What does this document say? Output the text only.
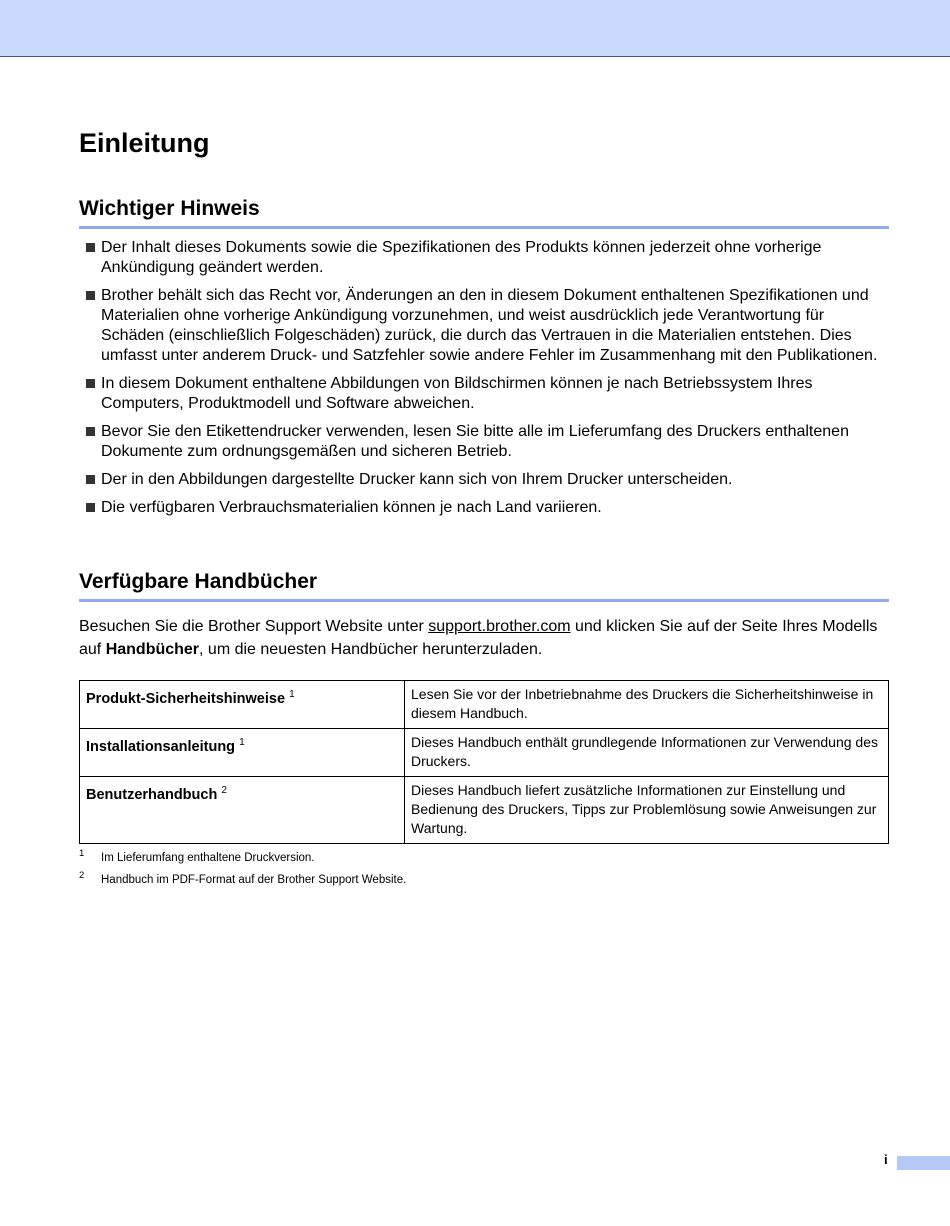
Einleitung
Wichtiger Hinweis
Der Inhalt dieses Dokuments sowie die Spezifikationen des Produkts können jederzeit ohne vorherige Ankündigung geändert werden.
Brother behält sich das Recht vor, Änderungen an den in diesem Dokument enthaltenen Spezifikationen und Materialien ohne vorherige Ankündigung vorzunehmen, und weist ausdrücklich jede Verantwortung für Schäden (einschließlich Folgeschäden) zurück, die durch das Vertrauen in die Materialien entstehen. Dies umfasst unter anderem Druck- und Satzfehler sowie andere Fehler im Zusammenhang mit den Publikationen.
In diesem Dokument enthaltene Abbildungen von Bildschirmen können je nach Betriebssystem Ihres Computers, Produktmodell und Software abweichen.
Bevor Sie den Etikettendrucker verwenden, lesen Sie bitte alle im Lieferumfang des Druckers enthaltenen Dokumente zum ordnungsgemäßen und sicheren Betrieb.
Der in den Abbildungen dargestellte Drucker kann sich von Ihrem Drucker unterscheiden.
Die verfügbaren Verbrauchsmaterialien können je nach Land variieren.
Verfügbare Handbücher

Besuchen Sie die Brother Support Website unter support.brother.com und klicken Sie auf der Seite Ihres Modells auf Handbücher, um die neuesten Handbücher herunterzuladen.

Produkt-Sicherheitshinweise $^1$	Lesen Sie vor der Inbetriebnahme des Druckers die Sicherheitshinweise in diesem Handbuch.
Installationsanleitung $^1$	Dieses Handbuch enthält grundlegende Informationen zur Verwendung des Druckers.
Benutzerhandbuch $^2$	Dieses Handbuch liefert zusätzliche Informationen zur Einstellung und Bedienung des Druckers, Tipps zur Problemlösung sowie Anweisungen zur Wartung.
1 Im Lieferumfang enthaltene Druckversion.
2 Handbuch im PDF-Format auf der Brother Support Website.
i
